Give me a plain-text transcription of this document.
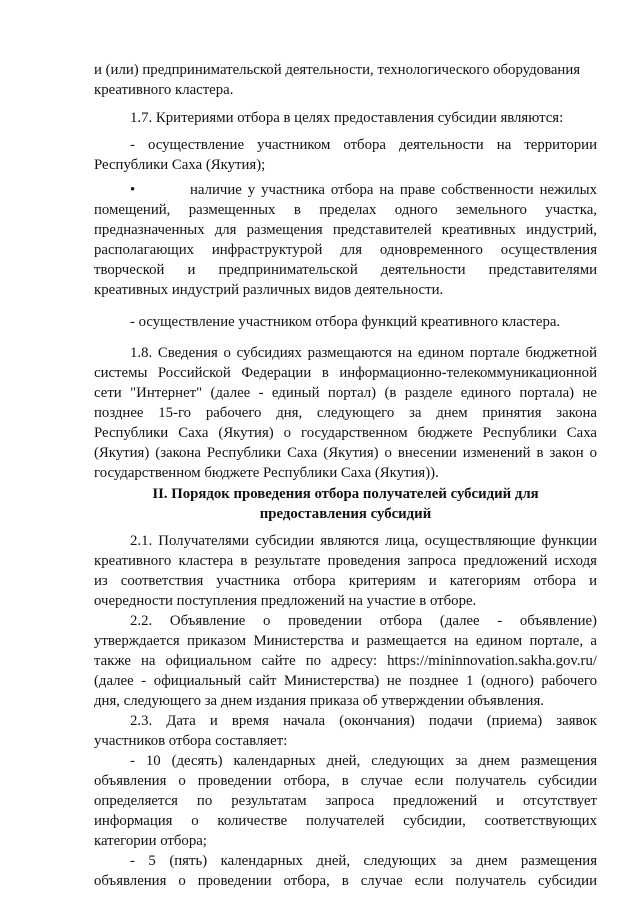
и (или) предпринимательской деятельности, технологического оборудования
креативного кластера.
1.7. Критериями отбора в целях предоставления субсидии являются:
- осуществление участником отбора деятельности на территории
Республики Саха (Якутия);
•	наличие у участника отбора на праве собственности нежилых
помещений, размещенных в пределах одного земельного участка,
предназначенных для размещения представителей креативных индустрий,
располагающих инфраструктурой для одновременного осуществления
творческой и предпринимательской деятельности представителями
креативных индустрий различных видов деятельности.
- осуществление участником отбора функций креативного кластера.
1.8. Сведения о субсидиях размещаются на едином портале бюджетной
системы Российской Федерации в информационно-телекоммуникационной
сети "Интернет" (далее - единый портал) (в разделе единого портала) не
позднее 15-го рабочего дня, следующего за днем принятия закона
Республики Саха (Якутия) о государственном бюджете Республики Саха
(Якутия) (закона Республики Саха (Якутия) о внесении изменений в закон о
государственном бюджете Республики Саха (Якутия)).
II. Порядок проведения отбора получателей субсидий для
предоставления субсидий
2.1. Получателями субсидии являются лица, осуществляющие функции
креативного кластера в результате проведения запроса предложений исходя
из соответствия участника отбора критериям и категориям отбора и
очередности поступления предложений на участие в отборе.
2.2. Объявление о проведении отбора (далее - объявление)
утверждается приказом Министерства и размещается на едином портале, а
также на официальном сайте по адресу: https://mininnovation.sakha.gov.ru/
(далее - официальный сайт Министерства) не позднее 1 (одного) рабочего
дня, следующего за днем издания приказа об утверждении объявления.
2.3. Дата и время начала (окончания) подачи (приема) заявок
участников отбора составляет:
- 10 (десять) календарных дней, следующих за днем размещения
объявления о проведении отбора, в случае если получатель субсидии
определяется по результатам запроса предложений и отсутствует
информация о количестве получателей субсидии, соответствующих
категории отбора;
- 5 (пять) календарных дней, следующих за днем размещения
объявления о проведении отбора, в случае если получатель субсидии
